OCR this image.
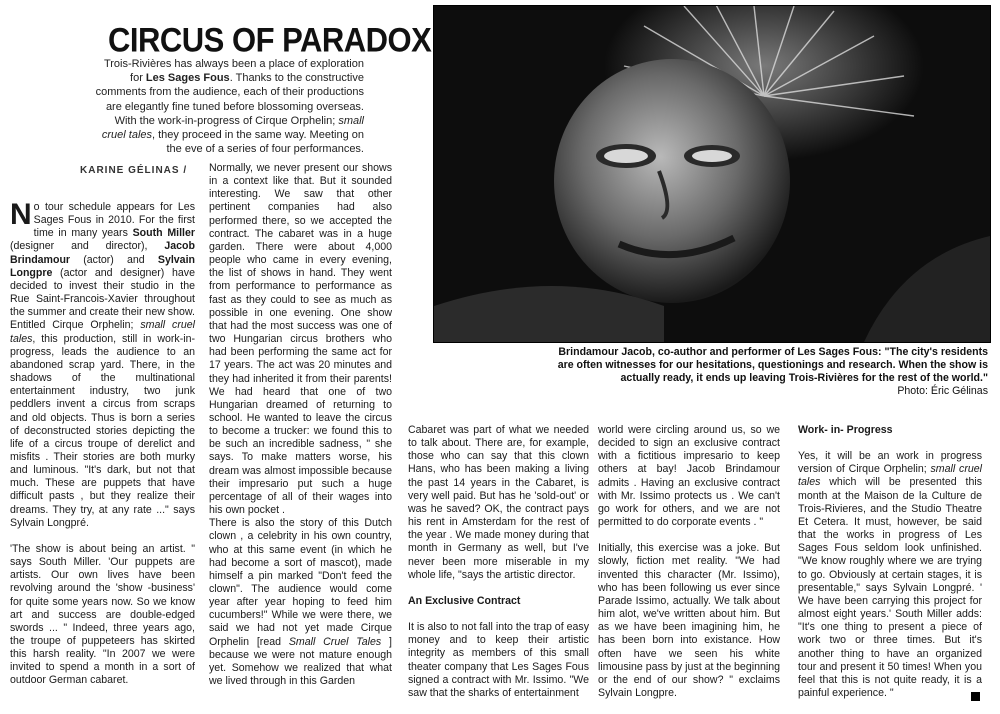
CIRCUS OF PARADOX
Trois-Rivières has always been a place of exploration for Les Sages Fous. Thanks to the constructive comments from the audience, each of their productions are elegantly fine tuned before blossoming overseas. With the work-in-progress of Cirque Orphelin; small cruel tales, they proceed in the same way. Meeting on the eve of a series of four performances.
KARINE GÉLINAS /
Brindamour Jacob, co-author and performer of Les Sages Fous: "The city's residents are often witnesses for our hesitations, questionings and research. When the show is actually ready, it ends up leaving Trois-Rivières for the rest of the world."
Photo: Éric Gélinas

No tour schedule appears for Les Sages Fous in 2010. For the first time in many years South Miller (designer and director), Jacob Brindamour (actor) and Sylvain Longpre (actor and designer) have decided to invest their studio in the Rue Saint-Francois-Xavier throughout the summer and create their new show.

Entitled Cirque Orphelin; small cruel tales, this production, still in work-in-progress, leads the audience to an abandoned scrap yard. There, in the shadows of the multinational entertainment industry, two junk peddlers invent a circus from scraps and old objects. Thus is born a series of deconstructed stories depicting the life of a circus troupe of derelict and misfits . Their stories are both murky and luminous. "It's dark, but not that much. These are puppets that have difficult pasts , but they realize their dreams. They try, at any rate ..." says Sylvain Longpré.

'The show is about being an artist. " says South Miller. 'Our puppets are artists. Our own lives have been revolving around the 'show -business' for quite some years now. So we know art and success are double-edged swords ... " Indeed, three years ago, the troupe of puppeteers has skirted this harsh reality. "In 2007 we were invited to spend a month in a sort of outdoor German cabaret.

Normally, we never present our shows in a context like that. But it sounded interesting. We saw that other pertinent companies had also performed there, so we accepted the contract. The cabaret was in a huge garden. There were about 4,000 people who came in every evening, the list of shows in hand. They went from performance to performance as fast as they could to see as much as possible in one evening. One show that had the most success was one of two Hungarian circus brothers who had been performing the same act for 17 years. The act was 20 minutes and they had inherited it from their parents! We had heard that one of two Hungarian dreamed of returning to school. He wanted to leave the circus to become a trucker: we found this to be such an incredible sadness, " she says. To make matters worse, his dream was almost impossible because their impresario put such a huge percentage of all of their wages into his own pocket .

There is also the story of this Dutch clown , a celebrity in his own country, who at this same event (in which he had become a sort of mascot), made himself a pin marked "Don't feed the clown". The audience would come year after year hoping to feed him cucumbers!" While we were there, we said we had not yet made Cirque Orphelin [read Small Cruel Tales ] because we were not mature enough yet. Somehow we realized that what we lived through in this Garden

Cabaret was part of what we needed to talk about. There are, for example, those who can say that this clown Hans, who has been making a living the past 14 years in the Cabaret, is very well paid. But has he 'sold-out' or was he saved? OK, the contract pays his rent in Amsterdam for the rest of the year . We made money during that month in Germany as well, but I've never been more miserable in my whole life, "says the artistic director.

An Exclusive Contract

It is also to not fall into the trap of easy money and to keep their artistic integrity as members of this small theater company that Les Sages Fous signed a contract with Mr. Issimo. "We saw that the sharks of entertainment

world were circling around us, so we decided to sign an exclusive contract with a fictitious impresario to keep others at bay! Jacob Brindamour admits . Having an exclusive contract with Mr. Issimo protects us . We can't go work for others, and we are not permitted to do corporate events . "

Initially, this exercise was a joke. But slowly, fiction met reality. "We had invented this character (Mr. Issimo), who has been following us ever since Parade Issimo, actually. We talk about him alot, we've written about him. But as we have been imagining him, he has been born into existance. How often have we seen his white limousine pass by just at the beginning or the end of our show? " exclaims Sylvain Longpre.

Work- in- Progress

Yes, it will be an work in progress version of Cirque Orphelin; small cruel tales which will be presented this month at the Maison de la Culture de Trois-Rivieres, and the Studio Theatre Et Cetera. It must, however, be said that the works in progress of Les Sages Fous seldom look unfinished. "We know roughly where we are trying to go. Obviously at certain stages, it is presentable," says Sylvain Longpré. ' We have been carrying this project for almost eight years.' South Miller adds: "It's one thing to present a piece of work two or three times. But it's another thing to have an organized tour and present it 50 times! When you feel that this is not quite ready, it is a painful experience. "
